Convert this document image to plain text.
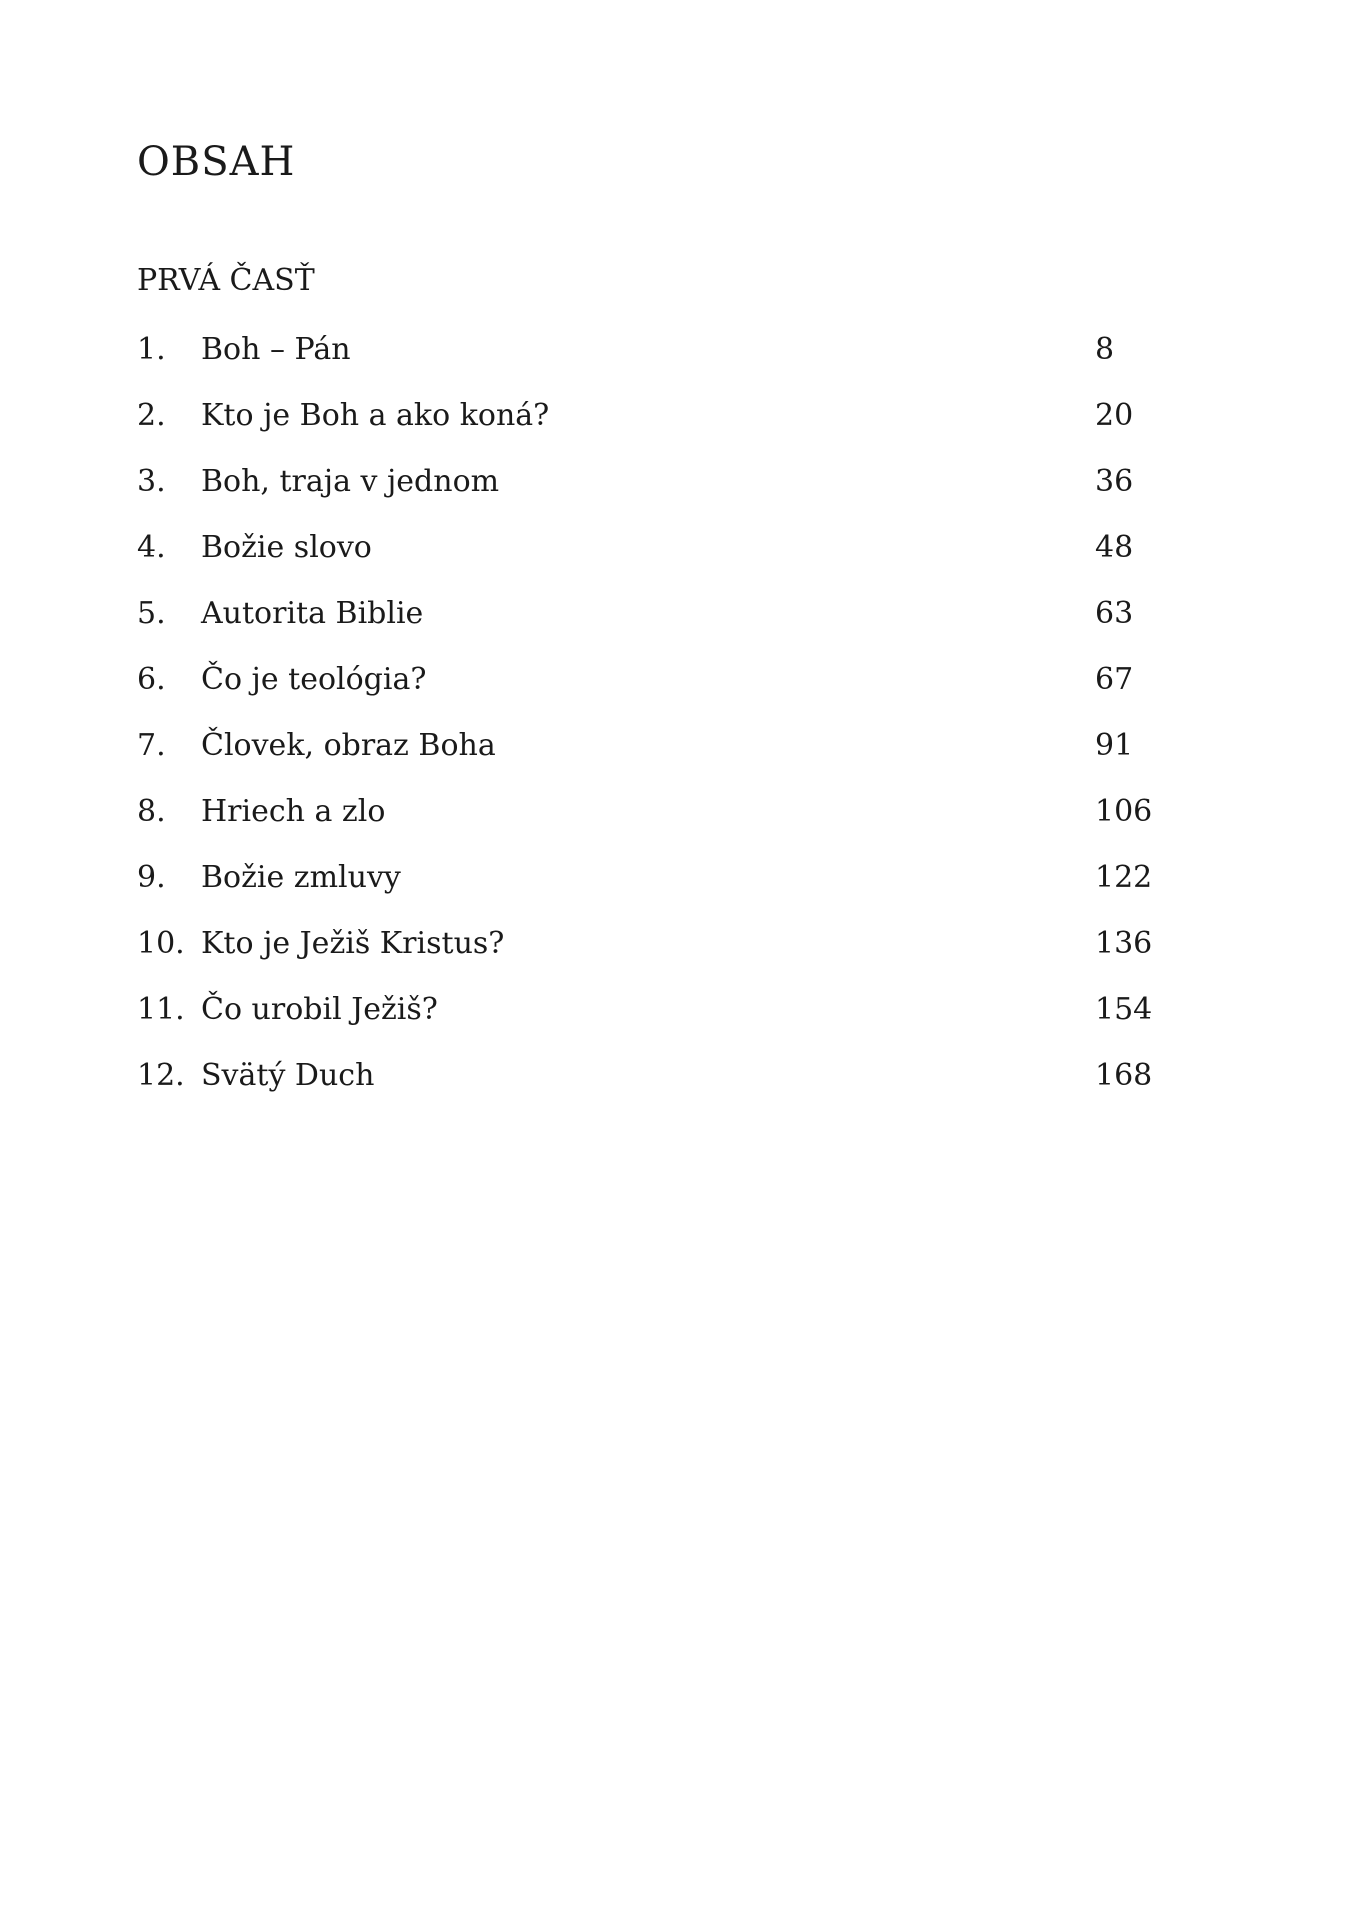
OBSAH
PRVÁ ČASŤ
1. Boh – Pán	8
2. Kto je Boh a ako koná?	20
3. Boh, traja v jednom	36
4. Božie slovo	48
5. Autorita Biblie	63
6. Čo je teológia?	67
7. Človek, obraz Boha	91
8. Hriech a zlo	106
9. Božie zmluvy	122
10. Kto je Ježiš Kristus?	136
11. Čo urobil Ježiš?	154
12. Svätý Duch	168
